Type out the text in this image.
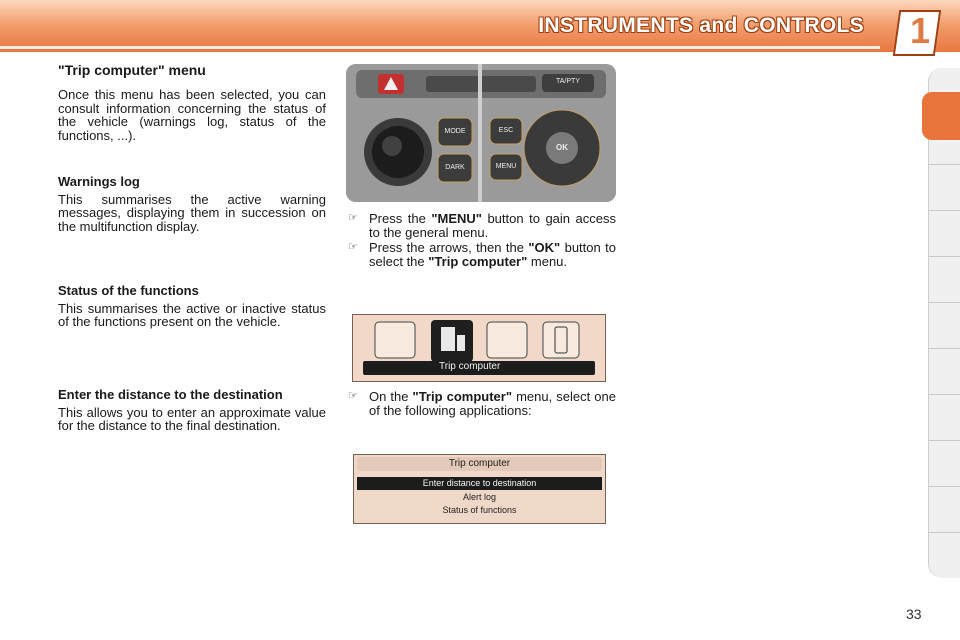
INSTRUMENTS and CONTROLS 1
"Trip computer" menu
Once this menu has been selected, you can consult information concerning the status of the vehicle (warnings log, status of the functions, ...).
Warnings log
This summarises the active warning messages, displaying them in succession on the multifunction display.
Status of the functions
This summarises the active or inactive status of the functions present on the vehicle.
Enter the distance to the destination
This allows you to enter an approximate value for the distance to the final destination.
MODE
DARK
ESC
MENU
OK
TA/PTY
☞ Press the "MENU" button to gain access to the general menu.
☞ Press the arrows, then the "OK" button to select the "Trip computer" menu.
Trip computer
☞ On the "Trip computer" menu, select one of the following applications:
Trip computer
Enter distance to destination
Alert log
Status of functions
33
